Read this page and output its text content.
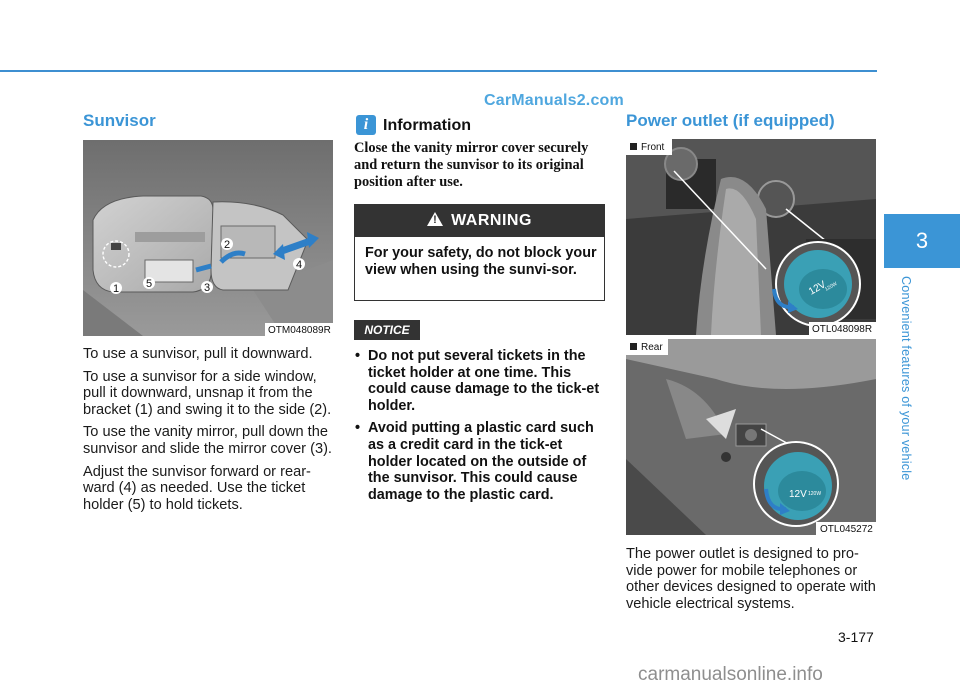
CarManuals2.com
Sunvisor
2
1 5	3
4
OTM048089R

To use a sunvisor, pull it downward.

To use a sunvisor for a side window, pull it downward, unsnap it from the bracket (1) and swing it to the side (2).

To use the vanity mirror, pull down the sunvisor and slide the mirror cover (3).

Adjust the sunvisor forward or rear-ward (4) as needed. Use the ticket holder (5) to hold tickets.

i Information
Close the vanity mirror cover securely and return the sunvisor to its original position after use.
! WARNING
For your safety, do not block your view when using the sunvi-sor.
NOTICE
• Do not put several tickets in the ticket holder at one time. This could cause damage to the tick-et holder.
• Avoid putting a plastic card such as a credit card in the tick-et holder located on the outside of the sunvisor. This could cause damage to the plastic card.
Power outlet (if equipped)
12V
120W
Front
OTL048098R
12V 120W
Rear
OTL045272
The power outlet is designed to pro-vide power for mobile telephones or other devices designed to operate with vehicle electrical systems.
3
Convenient features of your vehicle
3-177
carmanualsonline.info
